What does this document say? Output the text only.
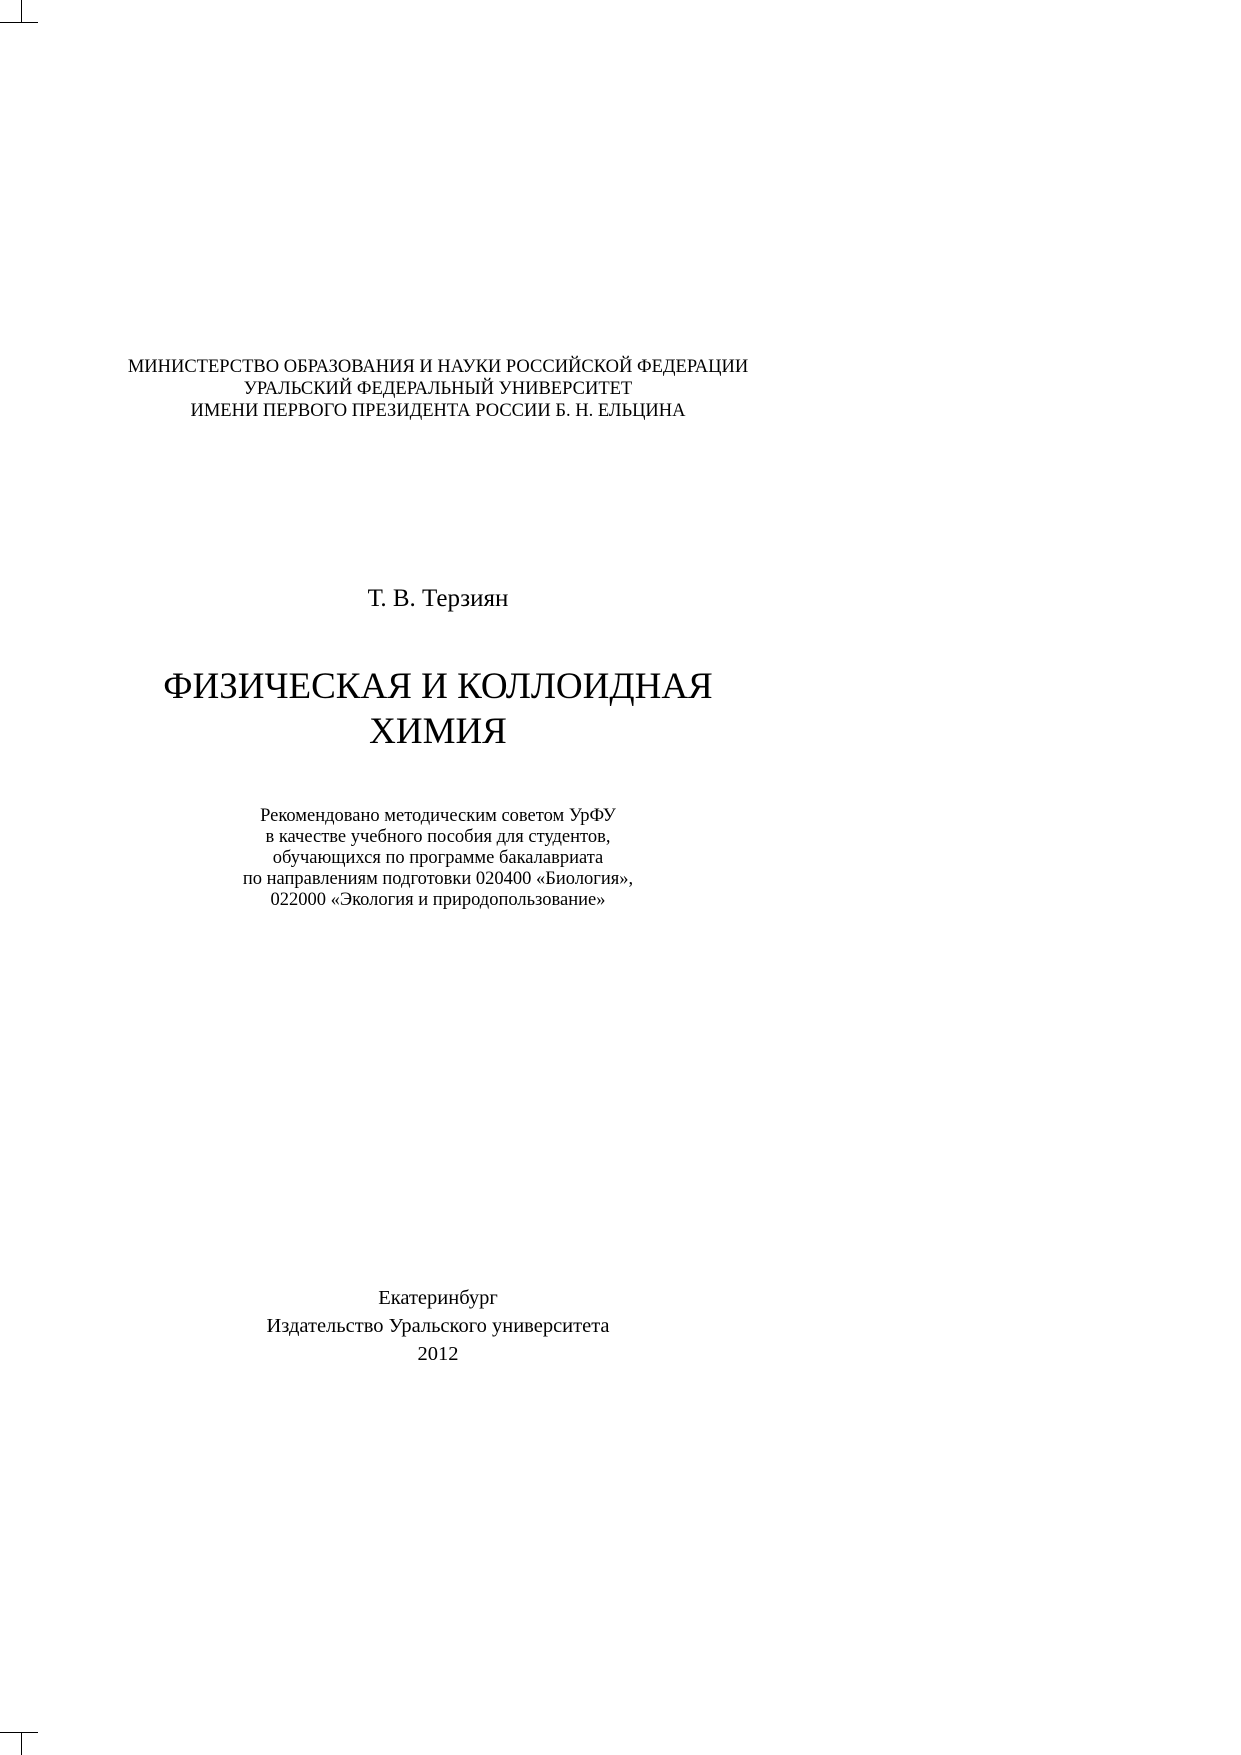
МИНИСТЕРСТВО ОБРАЗОВАНИЯ И НАУКИ РОССИЙСКОЙ ФЕДЕРАЦИИ
УРАЛЬСКИЙ ФЕДЕРАЛЬНЫЙ УНИВЕРСИТЕТ
ИМЕНИ ПЕРВОГО ПРЕЗИДЕНТА РОССИИ Б. Н. ЕЛЬЦИНА
Т. В. Терзиян
ФИЗИЧЕСКАЯ И КОЛЛОИДНАЯ
ХИМИЯ
Рекомендовано методическим советом УрФУ
в качестве учебного пособия для студентов,
обучающихся по программе бакалавриата
по направлениям подготовки 020400 «Биология»,
022000 «Экология и природопользование»
Екатеринбург
Издательство Уральского университета
2012
